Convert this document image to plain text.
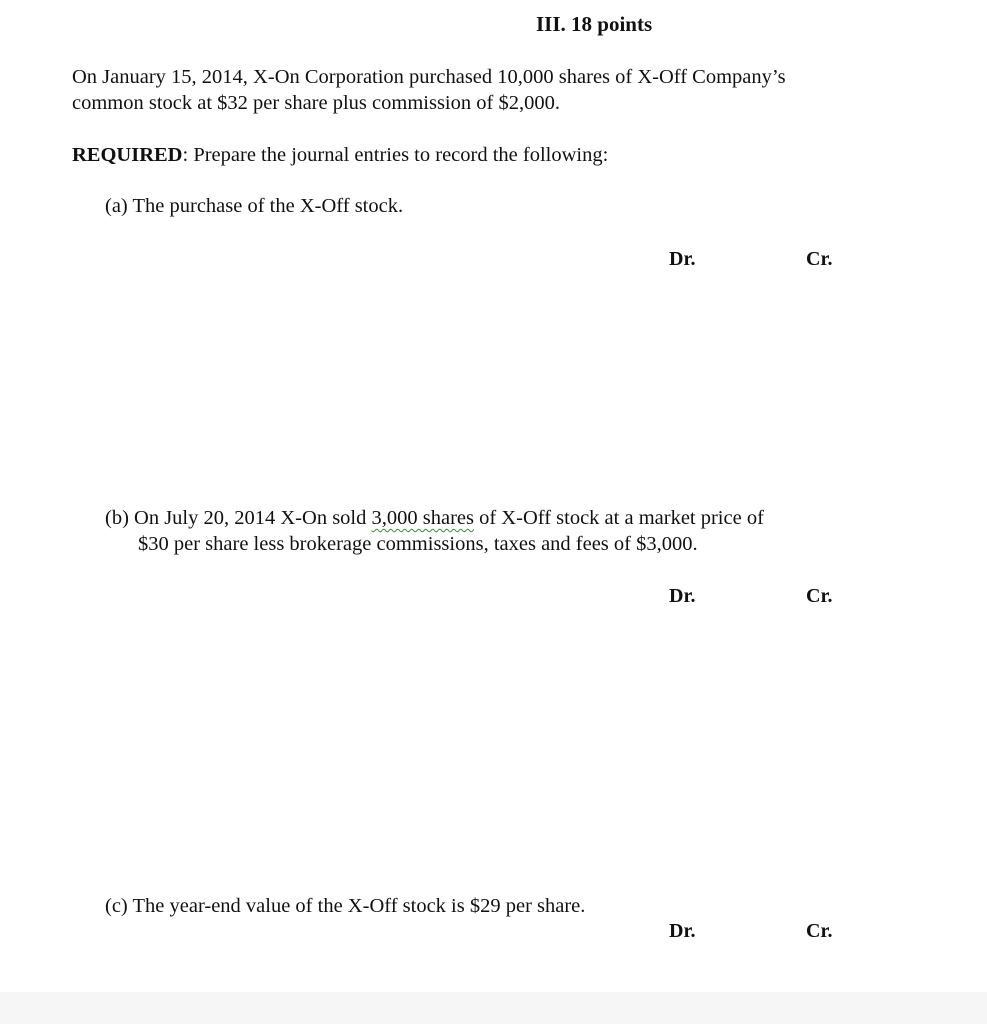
III. 18 points
On January 15, 2014, X-On Corporation purchased 10,000 shares of X-Off Company’s
common stock at $32 per share plus commission of $2,000.
REQUIRED: Prepare the journal entries to record the following:
(a) The purchase of the X-Off stock.
Dr.	Cr.
(b) On July 20, 2014 X-On sold 3,000 shares of X-Off stock at a market price of
$30 per share less brokerage commissions, taxes and fees of $3,000.
Dr.	Cr.
(c) The year-end value of the X-Off stock is $29 per share.
Dr.	Cr.
